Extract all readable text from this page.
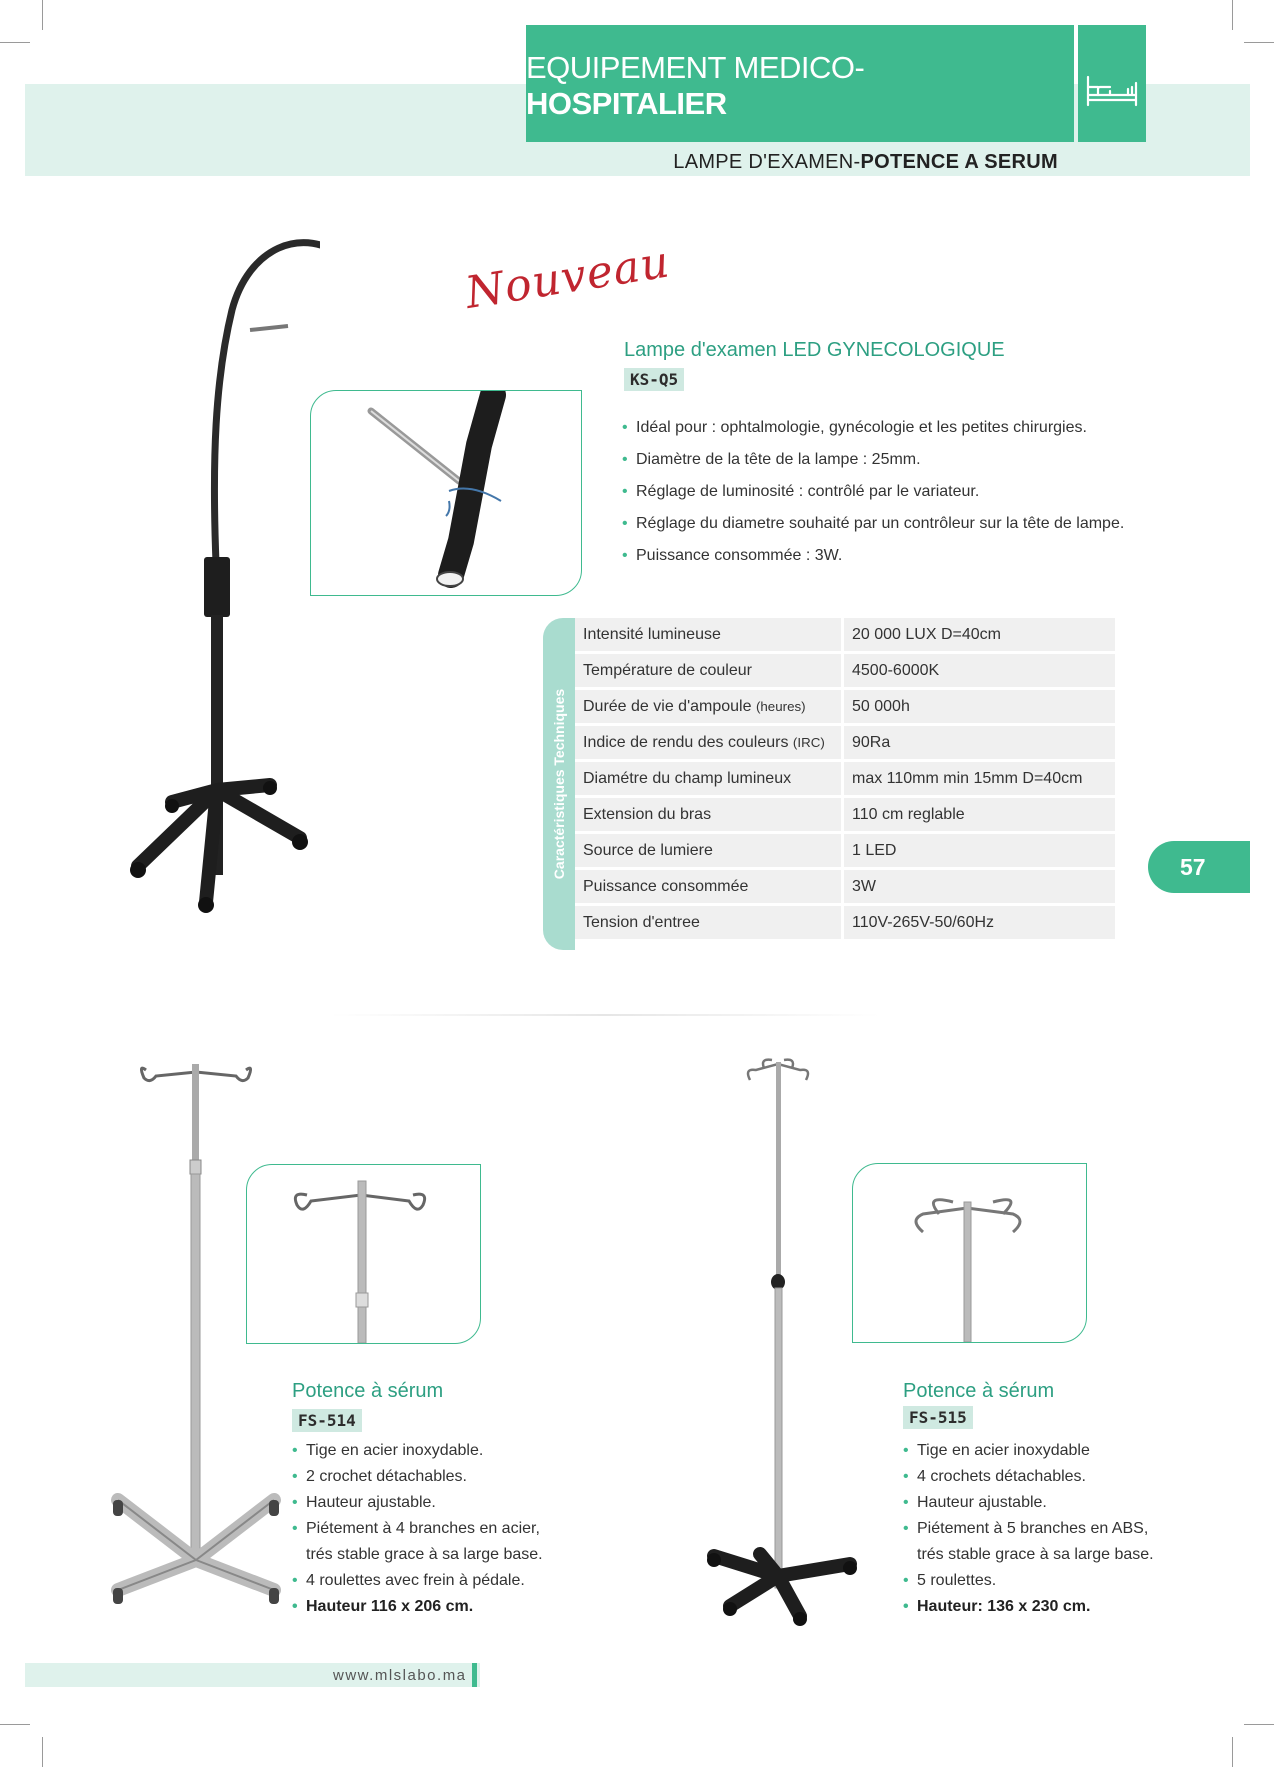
EQUIPEMENT MEDICO-HOSPITALIER
LAMPE D'EXAMEN-POTENCE A SERUM
Nouveau
Lampe d'examen LED GYNECOLOGIQUE
KS-Q5
• Idéal pour : ophtalmologie, gynécologie et les petites chirurgies.
• Diamètre de la tête de la lampe : 25mm.
• Réglage de luminosité : contrôlé par le variateur.
• Réglage du diametre souhaité par un contrôleur sur la tête de lampe.
• Puissance consommée : 3W.
Caractéristiques Techniques
Intensité lumineuse	20 000 LUX D=40cm
Température de couleur	4500-6000K
Durée de vie d'ampoule (heures)	50 000h
Indice de rendu des couleurs (IRC)	90Ra
Diamétre du champ lumineux	max 110mm min 15mm D=40cm
Extension du bras	110 cm reglable
Source de lumiere	1 LED
Puissance consommée	3W
Tension d'entree	110V-265V-50/60Hz
57
Potence à sérum
FS-514
• Tige en acier inoxydable.
• 2 crochet détachables.
• Hauteur ajustable.
• Piétement à 4 branches en acier,
trés stable grace à sa large base.
• 4 roulettes avec frein à pédale.
• Hauteur 116 x 206 cm.
Potence à sérum
FS-515
• Tige en acier inoxydable
• 4 crochets détachables.
• Hauteur ajustable.
• Piétement à 5 branches en ABS,
trés stable grace à sa large base.
• 5 roulettes.
• Hauteur: 136 x 230 cm.
www.mlslabo.ma
